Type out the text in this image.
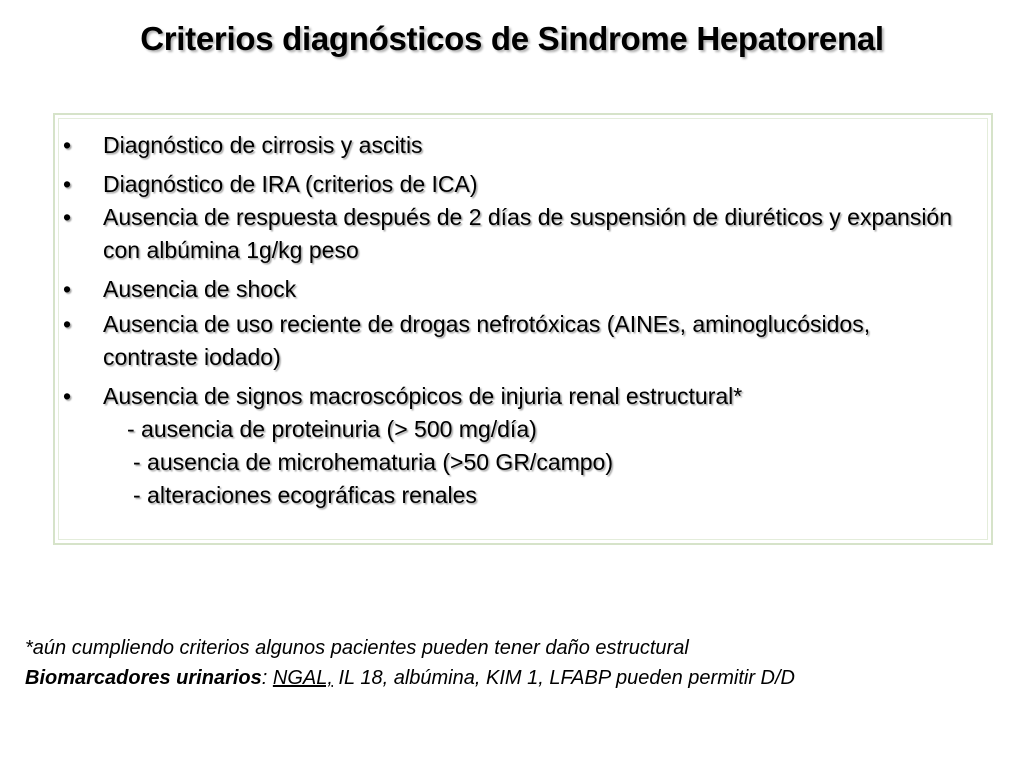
Criterios diagnósticos de Sindrome Hepatorenal
• Diagnóstico de cirrosis y ascitis
• Diagnóstico de IRA (criterios de ICA)
• Ausencia de respuesta después de 2 días de suspensión de diuréticos y expansión con albúmina 1g/kg peso
• Ausencia de shock
• Ausencia de uso reciente de drogas nefrotóxicas (AINEs, aminoglucósidos, contraste iodado)
• Ausencia de signos macroscópicos de injuria renal estructural*
- ausencia de proteinuria (> 500 mg/día)
- ausencia de microhematuria (>50 GR/campo)
- alteraciones ecográficas renales
*aún cumpliendo criterios algunos pacientes pueden tener daño estructural
Biomarcadores urinarios: NGAL, IL 18, albúmina, KIM 1, LFABP pueden permitir D/D
